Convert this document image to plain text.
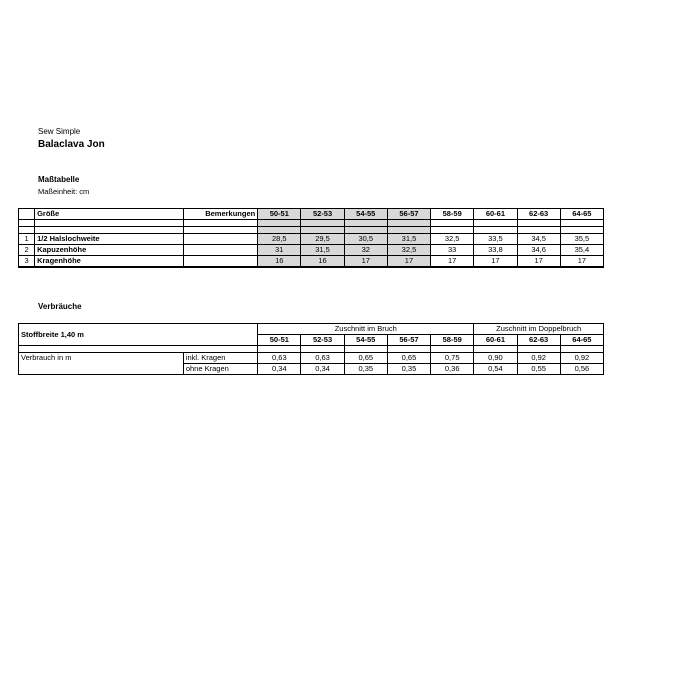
Sew Simple
Balaclava Jon
Maßtabelle
Maßeinheit: cm
	Größe	Bemerkungen	50-51	52-53	54-55	56-57	58-59	60-61	62-63	64-65

1	1/2 Halslochweite		28,5	29,5	30,5	31,5	32,5	33,5	34,5	35,5
2	Kapuzenhöhe		31	31,5	32	32,5	33	33,8	34,6	35,4
3	Kragenhöhe		16	16	17	17	17	17	17	17
Verbräuche
Stoffbreite 1,40 m		Zuschnitt im Bruch					Zuschnitt im Doppelbruch		
		50-51	52-53	54-55	56-57	58-59	60-61	62-63	64-65

Verbrauch in m	inkl. Kragen	0,63	0,63	0,65	0,65	0,75	0,90	0,92	0,92
	ohne Kragen	0,34	0,34	0,35	0,35	0,36	0,54	0,55	0,56
